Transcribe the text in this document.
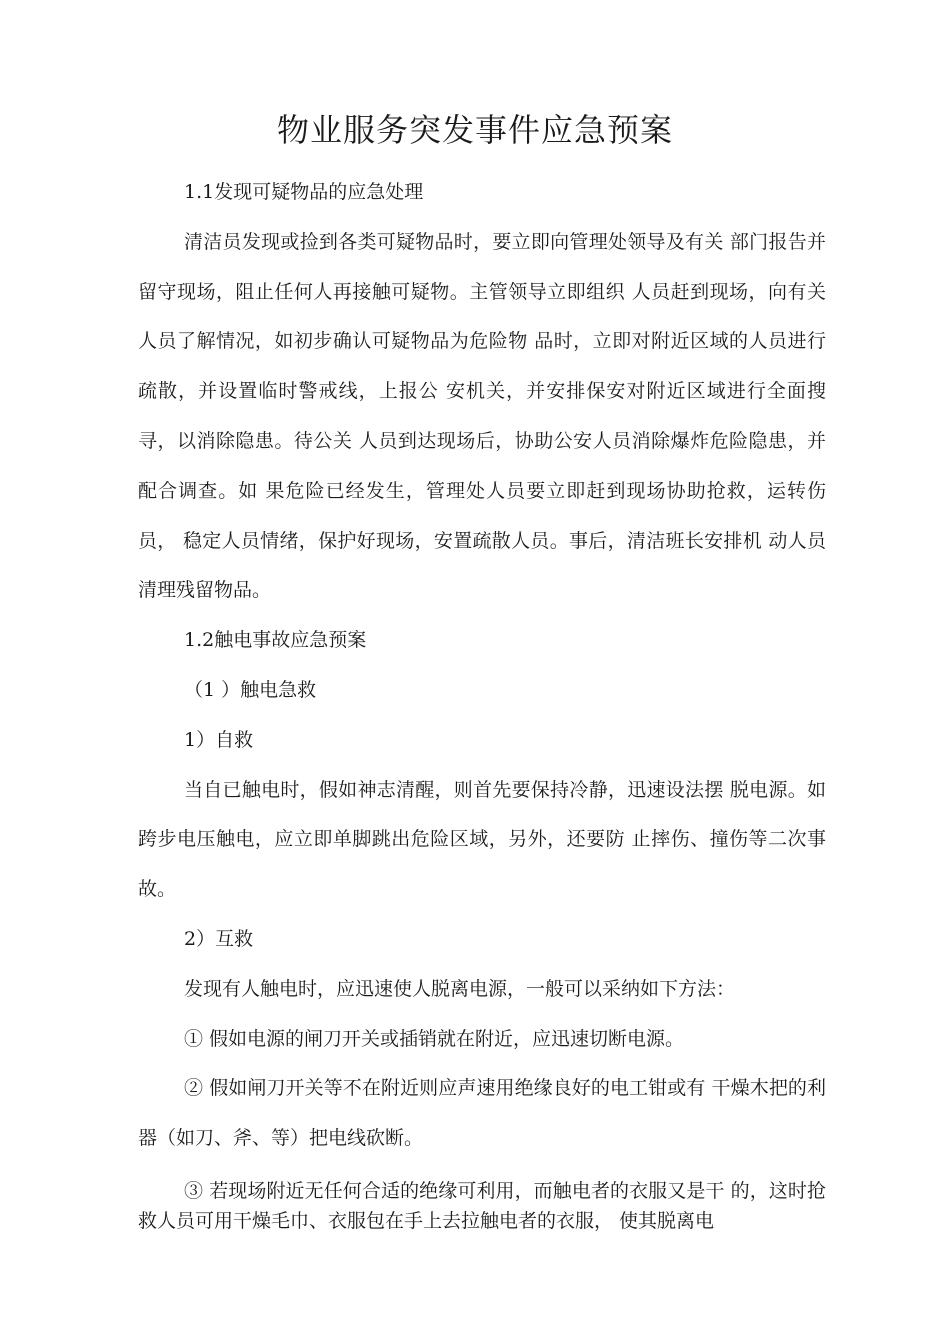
物业服务突发事件应急预案

1.1发现可疑物品的应急处理

清洁员发现或捡到各类可疑物品时，要立即向管理处领导及有关 部门报告并留守现场，阻止任何人再接触可疑物。主管领导立即组织 人员赶到现场，向有关人员了解情况，如初步确认可疑物品为危险物 品时，立即对附近区域的人员进行疏散，并设置临时警戒线，上报公 安机关，并安排保安对附近区域进行全面搜寻，以消除隐患。待公关 人员到达现场后，协助公安人员消除爆炸危险隐患，并配合调查。如 果危险已经发生，管理处人员要立即赶到现场协助抢救，运转伤员， 稳定人员情绪，保护好现场，安置疏散人员。事后，清洁班长安排机 动人员清理残留物品。

1.2触电事故应急预案

（1 ）触电急救

1）自救

当自已触电时，假如神志清醒，则首先要保持冷静，迅速设法摆 脱电源。如跨步电压触电，应立即单脚跳出危险区域，另外，还要防 止摔伤、撞伤等二次事故。

2）互救

发现有人触电时，应迅速使人脱离电源，一般可以采纳如下方法：

① 假如电源的闸刀开关或插销就在附近，应迅速切断电源。

② 假如闸刀开关等不在附近则应声速用绝缘良好的电工钳或有 干燥木把的利器（如刀、斧、等）把电线砍断。

③ 若现场附近无任何合适的绝缘可利用，而触电者的衣服又是干 的，这时抢救人员可用干燥毛巾、衣服包在手上去拉触电者的衣服， 使其脱离电
